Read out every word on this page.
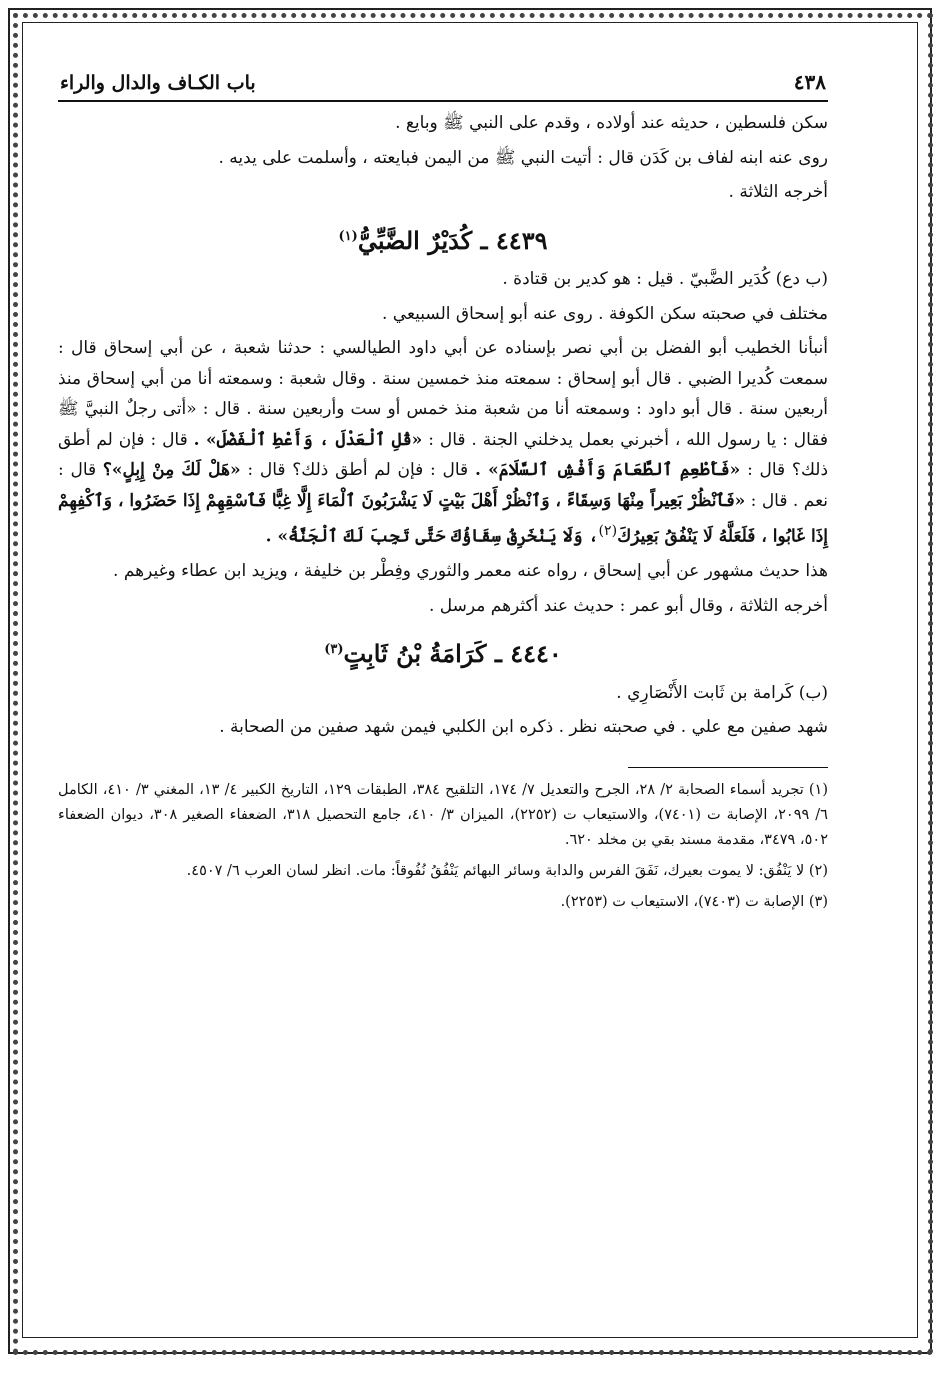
٤٣٨
باب الكـاف والدال والراء

سكن فلسطين ، حديثه عند أولاده ، وقدم على النبي ﷺ وبايع .

روى عنه ابنه لفاف بن كَدَن قال : أتيت النبي ﷺ من اليمن فبايعته ، وأسلمت على يديه .

أخرجه الثلاثة .

٤٤٣٩ ـ كُدَيْرٌ الضَّبِّيُّ$^{(١)}$

(ب دع) كُدَير الضَّبيّ . قيل : هو كدير بن قتادة .

مختلف في صحبته سكن الكوفة . روى عنه أبو إسحاق السبيعي .

أنبأنا الخطيب أبو الفضل بن أبي نصر بإسناده عن أبي داود الطيالسي : حدثنا شعبة ، عن أبي إسحاق قال : سمعت كُديرا الضبي . قال أبو إسحاق : سمعته منذ خمسين سنة . وقال شعبة : وسمعته أنا من أبي إسحاق منذ أربعين سنة . قال أبو داود : وسمعته أنا من شعبة منذ خمس أو ست وأربعين سنة . قال : «أتى رجلٌ النبيَّ ﷺ فقال : يا رسول الله ، أخبرني بعمل يدخلني الجنة . قال : «قُلِ ٱلْعَدْلَ ، وَأَعْطِ ٱلْفَضْلَ» . قال : فإن لم أطق ذلك؟ قال : «فَأَطْعِمِ ٱلطَّعَامَ وَأَفْشِ ٱلسَّلَامَ» . قال : فإن لم أطق ذلك؟ قال : «هَلْ لَكَ مِنْ إِبِلٍ»؟ قال : نعم . قال : «فَٱنْظُرْ بَعِيراً مِنْهَا وَسِقَاءً ، وَٱنْظُرْ أَهْلَ بَيْتٍ لَا يَشْرَبُونَ ٱلْمَاءَ إِلَّا غِبًّا فَٱسْقِهِمْ إِذَا حَضَرُوا ، وَٱكْفِهِمْ إِذَا غَابُوا ، فَلَعَلَّهُ لَا يَنْفُقُ بَعِيرُكَ$^{(٢)}$، وَلَا يَنْخَرِقُ سِقَاؤُكَ حَتَّى تَجِبَ لَكَ ٱلْجَنَّةُ» .

هذا حديث مشهور عن أبي إسحاق ، رواه عنه معمر والثوري وفِطْر بن خليفة ، ويزيد ابن عطاء وغيرهم .

أخرجه الثلاثة ، وقال أبو عمر : حديث عند أكثرهم مرسل .

٤٤٤٠ ـ كَرَامَةُ بْنُ ثَابِتٍ$^{(٣)}$

(ب) كَرامة بن ثَابت الأَنْصَارِي .

شهد صفين مع علي . في صحبته نظر . ذكره ابن الكلبي فيمن شهد صفين من الصحابة .

(١) تجريد أسماء الصحابة ٢/ ٢٨، الجرح والتعديل ٧/ ١٧٤، التلقيح ٣٨٤، الطبقات ١٢٩، التاريخ الكبير ٤/ ١٣، المغني ٣/ ٤١٠، الكامل ٦/ ٢٠٩٩، الإصابة ت (٧٤٠١)، والاستيعاب ت (٢٢٥٢)، الميزان ٣/ ٤١٠، جامع التحصيل ٣١٨، الضعفاء الصغير ٣٠٨، ديوان الضعفاء ٥٠٢، ٣٤٧٩، مقدمة مسند بقي بن مخلد ٦٢٠.

(٢) لا يَنْفُق: لا يموت بعيرك، نَفَقَ الفرس والدابة وسائر البهائم يَنْفُقُ نُفُوقاً: مات. انظر لسان العرب ٦/ ٤٥٠٧.

(٣) الإصابة ت (٧٤٠٣)، الاستيعاب ت (٢٢٥٣).
